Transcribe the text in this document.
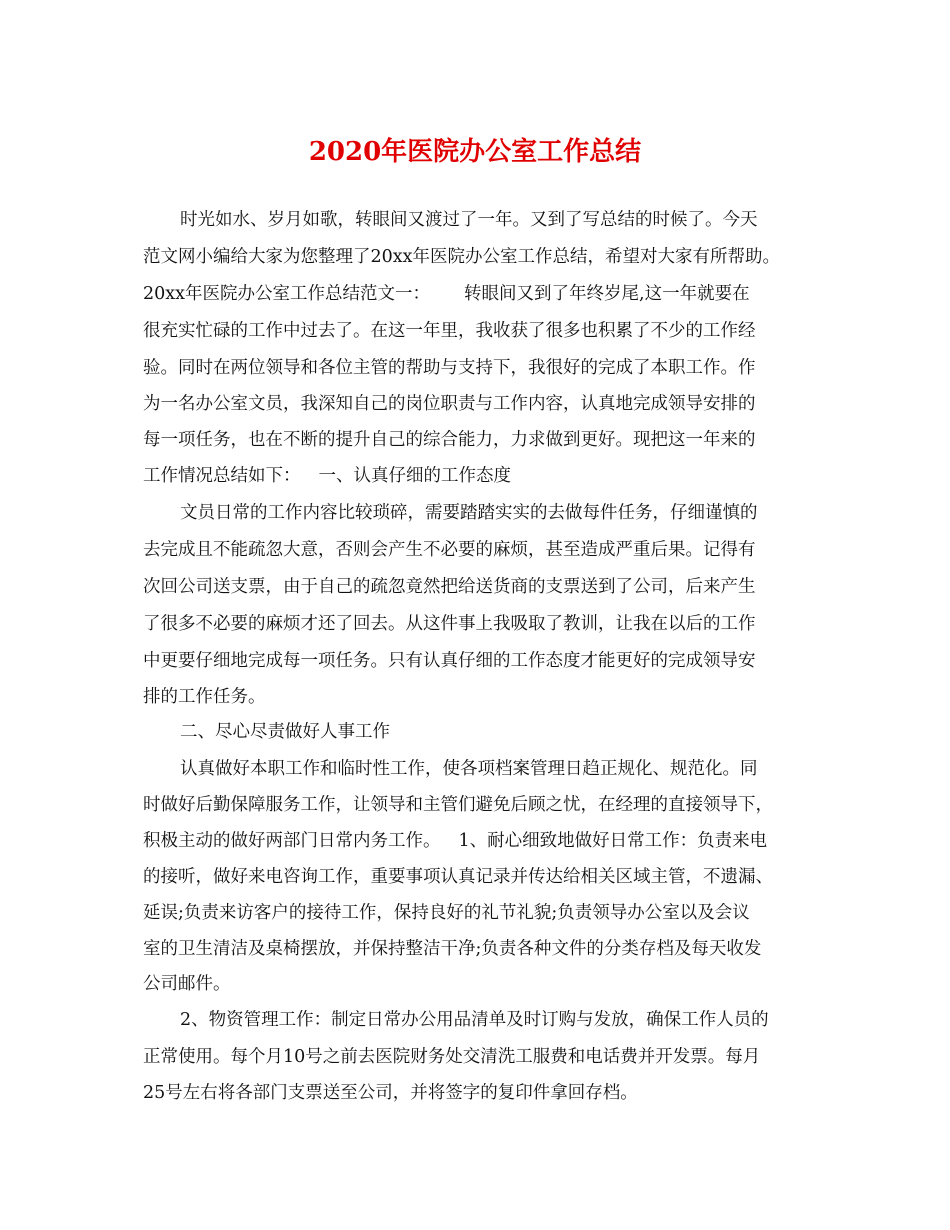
2020年医院办公室工作总结
时光如水、岁月如歌，转眼间又渡过了一年。又到了写总结的时候了。今天
范文网小编给大家为您整理了20xx年医院办公室工作总结，希望对大家有所帮助。
20xx年医院办公室工作总结范文一： 转眼间又到了年终岁尾,这一年就要在
很充实忙碌的工作中过去了。在这一年里，我收获了很多也积累了不少的工作经
验。同时在两位领导和各位主管的帮助与支持下，我很好的完成了本职工作。作
为一名办公室文员，我深知自己的岗位职责与工作内容，认真地完成领导安排的
每一项任务，也在不断的提升自己的综合能力，力求做到更好。现把这一年来的
工作情况总结如下： 一、认真仔细的工作态度
文员日常的工作内容比较琐碎，需要踏踏实实的去做每件任务，仔细谨慎的
去完成且不能疏忽大意，否则会产生不必要的麻烦，甚至造成严重后果。记得有
次回公司送支票，由于自己的疏忽竟然把给送货商的支票送到了公司，后来产生
了很多不必要的麻烦才还了回去。从这件事上我吸取了教训，让我在以后的工作
中更要仔细地完成每一项任务。只有认真仔细的工作态度才能更好的完成领导安
排的工作任务。
二、尽心尽责做好人事工作
认真做好本职工作和临时性工作，使各项档案管理日趋正规化、规范化。同
时做好后勤保障服务工作，让领导和主管们避免后顾之忧，在经理的直接领导下，
积极主动的做好两部门日常内务工作。 1、耐心细致地做好日常工作：负责来电
的接听，做好来电咨询工作，重要事项认真记录并传达给相关区域主管，不遗漏、
延误;负责来访客户的接待工作，保持良好的礼节礼貌;负责领导办公室以及会议
室的卫生清洁及桌椅摆放，并保持整洁干净;负责各种文件的分类存档及每天收发
公司邮件。
2、物资管理工作：制定日常办公用品清单及时订购与发放，确保工作人员的
正常使用。每个月10号之前去医院财务处交清洗工服费和电话费并开发票。每月
25号左右将各部门支票送至公司，并将签字的复印件拿回存档。
